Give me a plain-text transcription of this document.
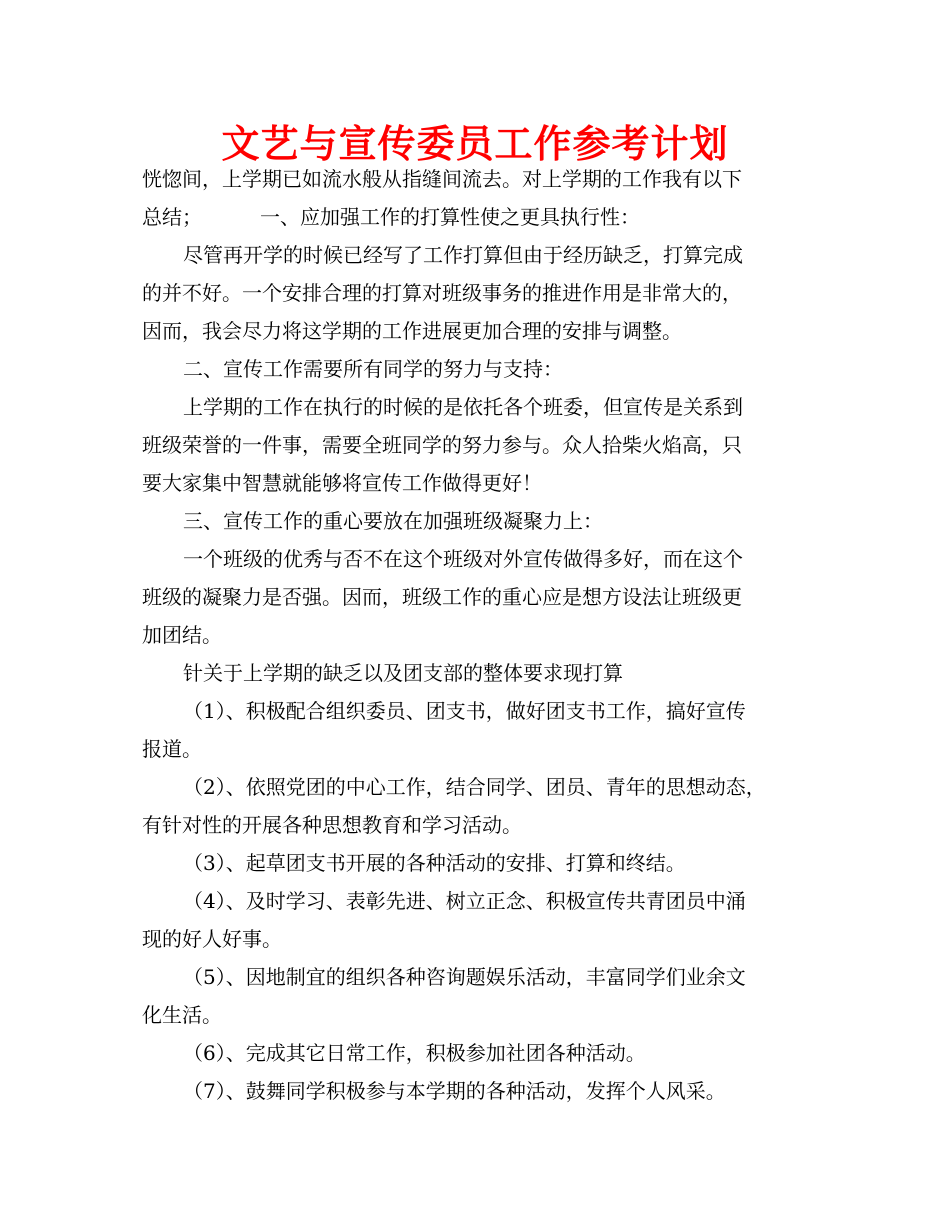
文艺与宣传委员工作参考计划
恍惚间，上学期已如流水般从指缝间流去。对上学期的工作我有以下
总结；	一、应加强工作的打算性使之更具执行性：
尽管再开学的时候已经写了工作打算但由于经历缺乏，打算完成
的并不好。一个安排合理的打算对班级事务的推进作用是非常大的，
因而，我会尽力将这学期的工作进展更加合理的安排与调整。
二、宣传工作需要所有同学的努力与支持：
上学期的工作在执行的时候的是依托各个班委，但宣传是关系到
班级荣誉的一件事，需要全班同学的努力参与。众人拾柴火焰高，只
要大家集中智慧就能够将宣传工作做得更好！
三、宣传工作的重心要放在加强班级凝聚力上：
一个班级的优秀与否不在这个班级对外宣传做得多好，而在这个
班级的凝聚力是否强。因而，班级工作的重心应是想方设法让班级更
加团结。
针关于上学期的缺乏以及团支部的整体要求现打算
（1）、积极配合组织委员、团支书，做好团支书工作，搞好宣传
报道。
（2）、依照党团的中心工作，结合同学、团员、青年的思想动态，
有针对性的开展各种思想教育和学习活动。
（3）、起草团支书开展的各种活动的安排、打算和终结。
（4）、及时学习、表彰先进、树立正念、积极宣传共青团员中涌
现的好人好事。
（5）、因地制宜的组织各种咨询题娱乐活动，丰富同学们业余文
化生活。
（6）、完成其它日常工作，积极参加社团各种活动。
（7）、鼓舞同学积极参与本学期的各种活动，发挥个人风采。
